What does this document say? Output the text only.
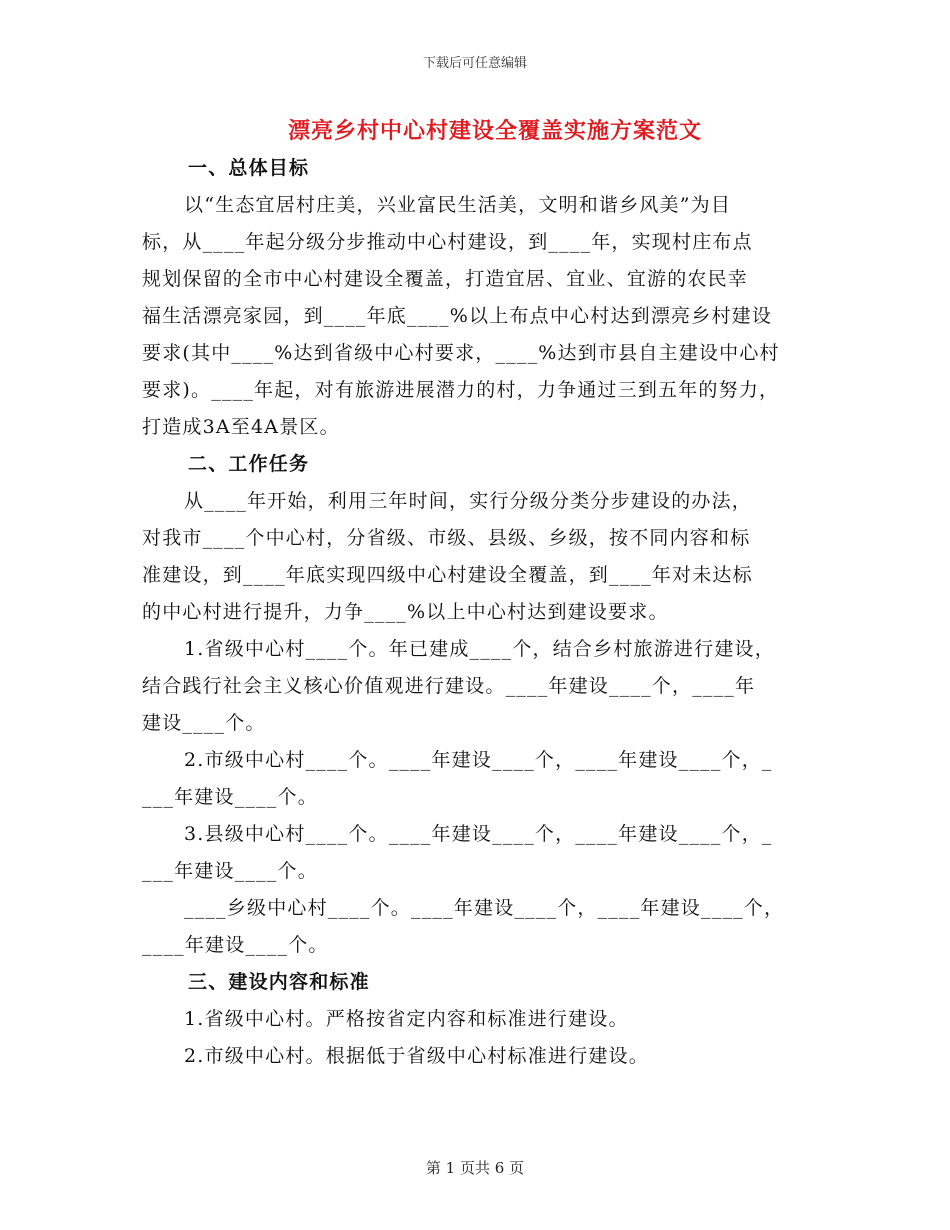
下载后可任意编辑
漂亮乡村中心村建设全覆盖实施方案范文
一、总体目标
以“生态宜居村庄美，兴业富民生活美，文明和谐乡风美”为目
标，从____年起分级分步推动中心村建设，到____年，实现村庄布点
规划保留的全市中心村建设全覆盖，打造宜居、宜业、宜游的农民幸
福生活漂亮家园，到____年底____%以上布点中心村达到漂亮乡村建设
要求(其中____%达到省级中心村要求，____%达到市县自主建设中心村
要求)。____年起，对有旅游进展潜力的村，力争通过三到五年的努力，
打造成3A至4A景区。
二、工作任务
从____年开始，利用三年时间，实行分级分类分步建设的办法，
对我市____个中心村，分省级、市级、县级、乡级，按不同内容和标
准建设，到____年底实现四级中心村建设全覆盖，到____年对未达标
的中心村进行提升，力争____%以上中心村达到建设要求。
1.省级中心村____个。年已建成____个，结合乡村旅游进行建设，
结合践行社会主义核心价值观进行建设。____年建设____个，____年
建设____个。
2.市级中心村____个。____年建设____个，____年建设____个，_
___年建设____个。
3.县级中心村____个。____年建设____个，____年建设____个，_
___年建设____个。
____乡级中心村____个。____年建设____个，____年建设____个，
____年建设____个。
三、建设内容和标准
1.省级中心村。严格按省定内容和标准进行建设。
2.市级中心村。根据低于省级中心村标准进行建设。
第 1 页共 6 页
